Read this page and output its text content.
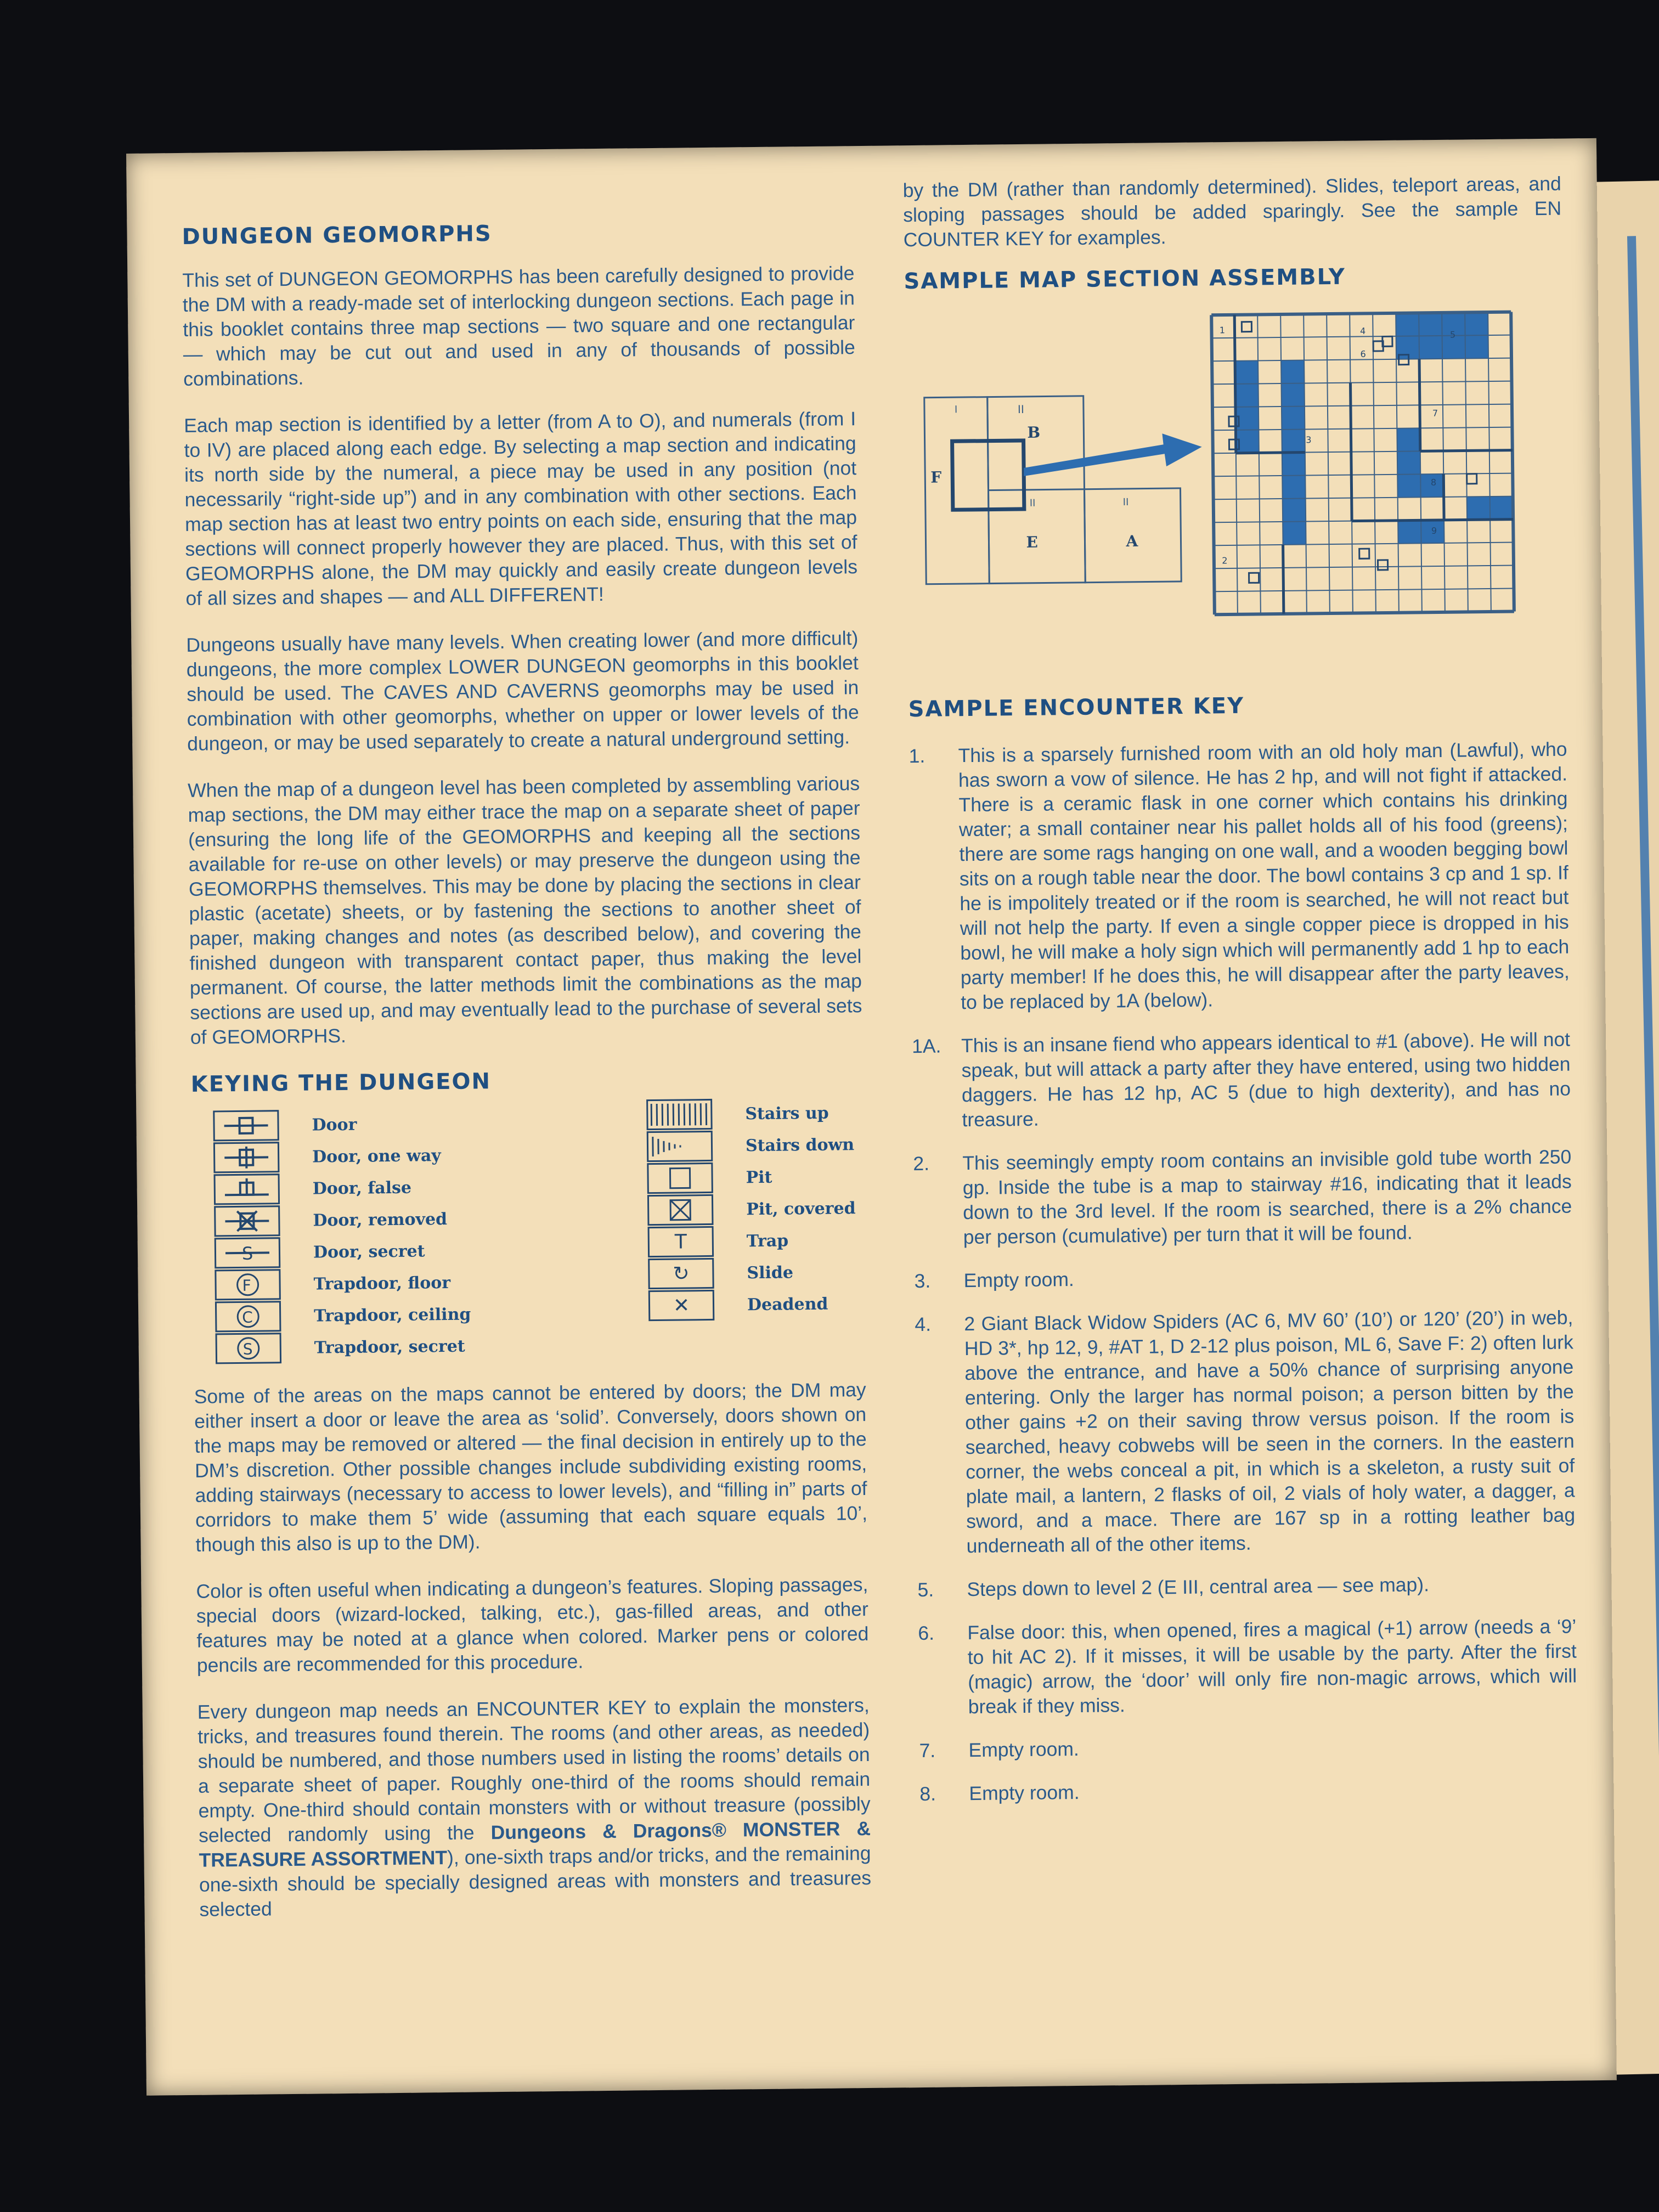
DUNGEON GEOMORPHS

This set of DUNGEON GEOMORPHS has been carefully designed to provide the DM with a ready-made set of interlocking dungeon sections. Each page in this booklet contains three map sections — two square and one rectangular — which may be cut out and used in any of thousands of possible combinations.

Each map section is identified by a letter (from A to O), and numerals (from I to IV) are placed along each edge. By selecting a map section and indicating its north side by the numeral, a piece may be used in any position (not necessarily “right-side up”) and in any combination with other sections. Each map section has at least two entry points on each side, ensuring that the map sections will connect properly however they are placed. Thus, with this set of GEOMORPHS alone, the DM may quickly and easily create dungeon levels of all sizes and shapes — and ALL DIFFERENT!

Dungeons usually have many levels. When creating lower (and more difficult) dungeons, the more complex LOWER DUNGEON geomorphs in this booklet should be used. The CAVES AND CAVERNS geomorphs may be used in combination with other geomorphs, whether on upper or lower levels of the dungeon, or may be used separately to create a natural underground setting.

When the map of a dungeon level has been completed by assembling various map sections, the DM may either trace the map on a separate sheet of paper (ensuring the long life of the GEOMORPHS and keeping all the sections available for re-use on other levels) or may preserve the dungeon using the GEOMORPHS themselves. This may be done by placing the sections in clear plastic (acetate) sheets, or by fastening the sections to another sheet of paper, making changes and notes (as described below), and covering the finished dungeon with transparent contact paper, thus making the level permanent. Of course, the latter methods limit the combinations as the map sections are used up, and may eventually lead to the purchase of several sets of GEOMORPHS.

KEYING THE DUNGEON
Door
Door, one way
Door, false
Door, removed
S	Door, secret
F	Trapdoor, floor
C	Trapdoor, ceiling
S	Trapdoor, secret
Stairs up
Stairs down
Pit
Pit, covered
T	Trap
↻	Slide
✕	Deadend

Some of the areas on the maps cannot be entered by doors; the DM may either insert a door or leave the area as ‘solid’. Conversely, doors shown on the maps may be removed or altered — the final decision in entirely up to the DM’s discretion. Other possible changes include subdividing existing rooms, adding stairways (necessary to access to lower levels), and “filling in” parts of corridors to make them 5’ wide (assuming that each square equals 10’, though this also is up to the DM).

Color is often useful when indicating a dungeon’s features. Sloping passages, special doors (wizard-locked, talking, etc.), gas-filled areas, and other features may be noted at a glance when colored. Marker pens or colored pencils are recommended for this procedure.

Every dungeon map needs an ENCOUNTER KEY to explain the monsters, tricks, and treasures found therein. The rooms (and other areas, as needed) should be numbered, and those numbers used in listing the rooms’ details on a separate sheet of paper. Roughly one-third of the rooms should remain empty. One-third should contain monsters with or without treasure (possibly selected randomly using the Dungeons & Dragons® MONSTER & TREASURE ASSORTMENT), one-sixth traps and/or tricks, and the remaining one-sixth should be specially designed areas with monsters and treasures selected

by the DM (rather than randomly determined). Slides, teleport areas, and sloping passages should be added sparingly. See the sample EN COUNTER KEY for examples.

SAMPLE MAP SECTION ASSEMBLY
II
I
II	II
B
F
E	A
1
2
3
4	5
6
7
8
9
SAMPLE ENCOUNTER KEY
1.	This is a sparsely furnished room with an old holy man (Lawful), who has sworn a vow of silence. He has 2 hp, and will not fight if attacked. There is a ceramic flask in one corner which contains his drinking water; a small container near his pallet holds all of his food (greens); there are some rags hanging on one wall, and a wooden begging bowl sits on a rough table near the door. The bowl contains 3 cp and 1 sp. If he is impolitely treated or if the room is searched, he will not react but will not help the party. If even a single copper piece is dropped in his bowl, he will make a holy sign which will permanently add 1 hp to each party member! If he does this, he will disappear after the party leaves, to be replaced by 1A (below).
1A.	This is an insane fiend who appears identical to #1 (above). He will not speak, but will attack a party after they have entered, using two hidden daggers. He has 12 hp, AC 5 (due to high dexterity), and has no treasure.
2.	This seemingly empty room contains an invisible gold tube worth 250 gp. Inside the tube is a map to stairway #16, indicating that it leads down to the 3rd level. If the room is searched, there is a 2% chance per person (cumulative) per turn that it will be found.
3.	Empty room.
4.	2 Giant Black Widow Spiders (AC 6, MV 60’ (10’) or 120’ (20’) in web, HD 3*, hp 12, 9, #AT 1, D 2-12 plus poison, ML 6, Save F: 2) often lurk above the entrance, and have a 50% chance of surprising anyone entering. Only the larger has normal poison; a person bitten by the other gains +2 on their saving throw versus poison. If the room is searched, heavy cobwebs will be seen in the corners. In the eastern corner, the webs conceal a pit, in which is a skeleton, a rusty suit of plate mail, a lantern, 2 flasks of oil, 2 vials of holy water, a dagger, a sword, and a mace. There are 167 sp in a rotting leather bag underneath all of the other items.
5.	Steps down to level 2 (E III, central area — see map).
6.	False door: this, when opened, fires a magical (+1) arrow (needs a ‘9’ to hit AC 2). If it misses, it will be usable by the party. After the first (magic) arrow, the ‘door’ will only fire non-magic arrows, which will break if they miss.
7.	Empty room.
8.	Empty room.
